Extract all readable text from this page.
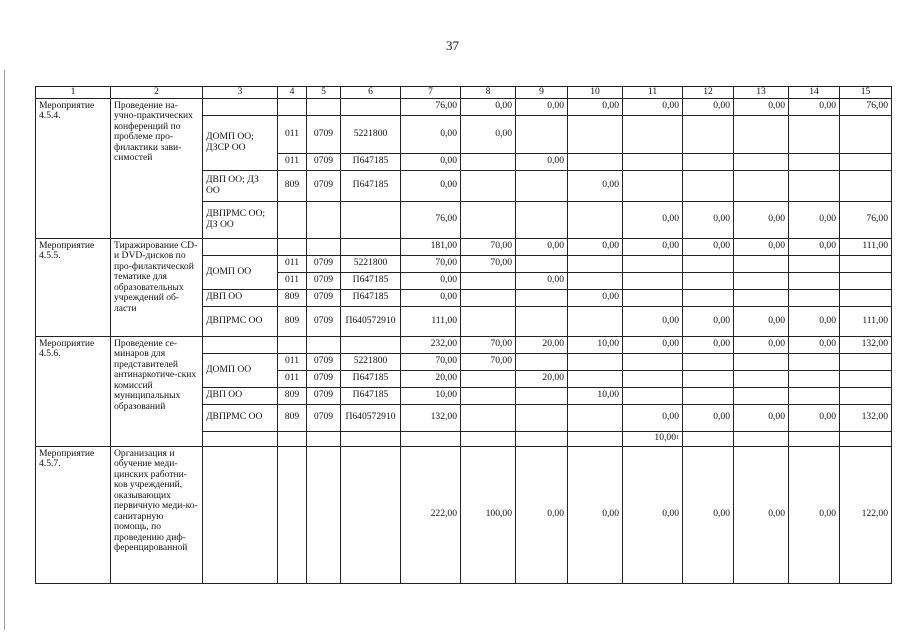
37
1	2	3	4	5	6	7	8	9	10	11	12	13	14	15
Мероприятие 4.5.4.	Проведение на-учно-практических конференций по проблеме про-филактики зави-симостей					76,00	0,00	0,00	0,00	0,00	0,00	0,00	0,00	76,00
		ДОМП ОО; ДЗСР ОО	011	0709	5221800	0,00	0,00							
			011	0709	П647185	0,00		0,00						
		ДВП ОО; ДЗ ОО	809	0709	П647185	0,00			0,00					
		ДВПРМС ОО; ДЗ ОО				76,00				0,00	0,00	0,00	0,00	76,00
Мероприятие 4.5.5.	Тиражирование CD- и DVD-дисков по про-филактической тематике для образовательных учреждений об-ласти					181,00	70,00	0,00	0,00	0,00	0,00	0,00	0,00	111,00
		ДОМП ОО	011	0709	5221800	70,00	70,00							
			011	0709	П647185	0,00		0,00						
		ДВП ОО	809	0709	П647185	0,00			0,00					
		ДВПРМС ОО	809	0709	П640572910	111,00				0,00	0,00	0,00	0,00	111,00
Мероприятие 4.5.6.	Проведение се-минаров для представителей антинаркотиче-ских комиссий муниципальных образований					232,00	70,00	20,00	10,00	0,00	0,00	0,00	0,00	132,00
		ДОМП ОО	011	0709	5221800	70,00	70,00							
			011	0709	П647185	20,00		20,00						
		ДВП ОО	809	0709	П647185	10,00			10,00					
		ДВПРМС ОО	809	0709	П640572910	132,00				0,00	0,00	0,00	0,00	132,00
										10,00$^1$				
Мероприятие 4.5.7.	Организация и обучение меди-цинских работни-ков учреждений, оказывающих первичную меди-ко-санитарную помощь, по проведению диф-ференцированной					222,00	100,00	0,00	0,00	0,00	0,00	0,00	0,00	122,00
